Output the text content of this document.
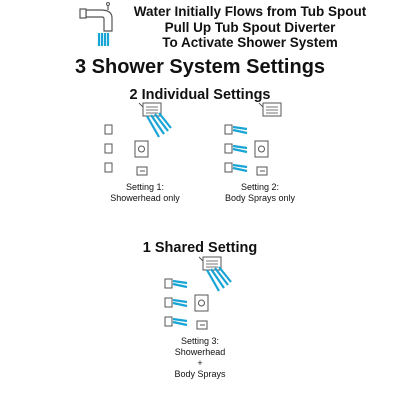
Water Initially Flows from Tub Spout
Pull Up Tub Spout Diverter
To Activate Shower System
3 Shower System Settings
2 Individual Settings
1 Shared Setting
Setting 1:
Showerhead only
Setting 2:
Body Sprays only
Setting 3:
Showerhead
+
Body Sprays
